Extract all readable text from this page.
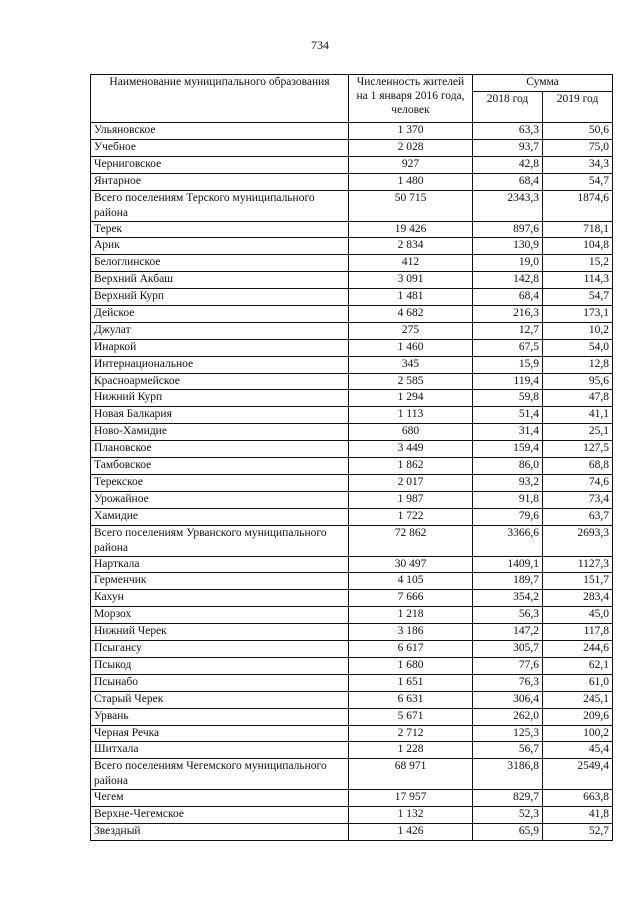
734
Наименование муниципального образования	Численность жителей на 1 января 2016 года, человек	Сумма	
		2018 год	2019 год
Ульяновское	1 370	63,3	50,6
Учебное	2 028	93,7	75,0
Черниговское	927	42,8	34,3
Янтарное	1 480	68,4	54,7
Всего поселениям Терского муниципального района	50 715	2343,3	1874,6
Терек	19 426	897,6	718,1
Арик	2 834	130,9	104,8
Белоглинское	412	19,0	15,2
Верхний Акбаш	3 091	142,8	114,3
Верхний Курп	1 481	68,4	54,7
Дейское	4 682	216,3	173,1
Джулат	275	12,7	10,2
Инаркой	1 460	67,5	54,0
Интернациональное	345	15,9	12,8
Красноармейское	2 585	119,4	95,6
Нижний Курп	1 294	59,8	47,8
Новая Балкария	1 113	51,4	41,1
Ново-Хамидие	680	31,4	25,1
Плановское	3 449	159,4	127,5
Тамбовское	1 862	86,0	68,8
Терекское	2 017	93,2	74,6
Урожайное	1 987	91,8	73,4
Хамидие	1 722	79,6	63,7
Всего поселениям Урванского муниципального района	72 862	3366,6	2693,3
Нарткала	30 497	1409,1	1127,3
Герменчик	4 105	189,7	151,7
Кахун	7 666	354,2	283,4
Морзох	1 218	56,3	45,0
Нижний Черек	3 186	147,2	117,8
Псыгансу	6 617	305,7	244,6
Псыкод	1 680	77,6	62,1
Псынабо	1 651	76,3	61,0
Старый Черек	6 631	306,4	245,1
Урвань	5 671	262,0	209,6
Черная Речка	2 712	125,3	100,2
Шитхала	1 228	56,7	45,4
Всего поселениям Чегемского муниципального района	68 971	3186,8	2549,4
Чегем	17 957	829,7	663,8
Верхне-Чегемское	1 132	52,3	41,8
Звездный	1 426	65,9	52,7
